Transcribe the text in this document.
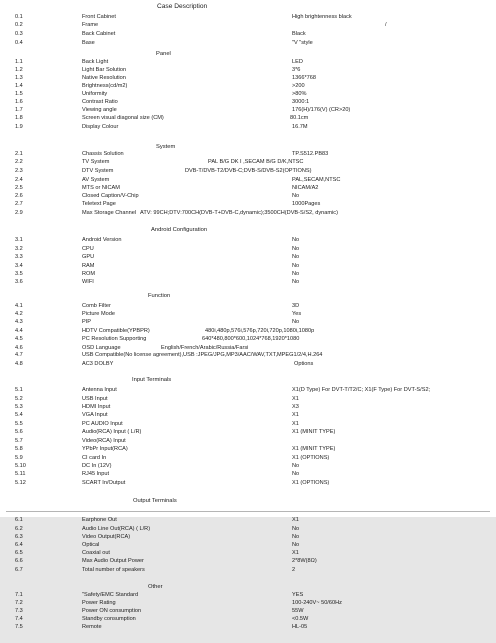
Case Description
0.1	Front Cabinet	High brightenness black
0.2	Frame	/
0.3	Back Cabinet	Black
0.4	Base	"V "style
Panel
1.1	Back Light	LED
1.2	Light Bar Solution	3*6
1.3	Native Resolution	1366*768
1.4	Brightness(cd/m2)	>200
1.5	Uniformity	>80%
1.6	Contrast Ratio	3000:1
1.7	Viewing angle	176(H)/176(V) (CR>20)
1.8	Screen visual diagonal size (CM)	80.1cm
1.9	Display Colour	16.7M
System
2.1	Chassis Solution	TP.S512.PB83
2.2	TV System	PAL B/G DK I ,SECAM B/G D/K,NTSC
2.3	DTV System	DVB-T/DVB-T2/DVB-C;DVB-S/DVB-S2(OPTIONS)
2.4	AV System	PAL,SECAM,NTSC
2.5	MTS or NICAM	NICAM/A2
2.6	Closed Caption/V-Chip	No
2.7	Teletext Page	1000Pages
2.9	Max Storage Channel ATV: 99CH;DTV:700CH(DVB-T+DVB-C,dynamic);3500CH(DVB-S/S2, dynamic)
Android Configuration
3.1	Android Version	No
3.2	CPU	No
3.3	GPU	No
3.4	RAM	No
3.5	ROM	No
3.6	WIFI	No
Function
4.1	Comb Filter	3D
4.2	Picture Mode	Yes
4.3	PIP	No
4.4	HDTV Compatible(YPBPR)	480i,480p,576i,576p,720i,720p,1080i,1080p
4.5	PC Resolution Supporting	640*480,800*600,1024*768,1920*1080
4.6	OSD Language	English/French/Arabic/Russia/Farsi
4.7	USB Compatible(No license agreement),USB :JPEG/JPG,MP3/AAC/WAV,TXT,MPEG1/2/4,H.264
4.8	AC3 DOLBY	Options
Input Terminals
5.1	Antenna Input	X1(D Type) For DVT-T/T2/C; X1(F Type) For DVT-S/S2;
5.2	USB Input	X1
5.3	HDMI Input	X3
5.4	VGA Input	X1
5.5	PC AUDIO Input	X1
5.6	Audio(RCA) Input ( L/R)	X1 (MINIT TYPE)
5.7	Video(RCA) Input
5.8	YPbPr Input(RCA)	X1 (MINIT TYPE)
5.9	CI card In	X1 (OPTIONS)
5.10	DC In (12V)	No
5.11	RJ45 Input	No
5.12	SCART In/Output	X1 (OPTIONS)
Output Terminals
6.1	Earphone Out	X1
6.2	Audio Line Out(RCA) ( L/R)	No
6.3	Video Output(RCA)	No
6.4	Optical	No
6.5	Coaxial out	X1
6.6	Max Audio Output Power	2*8W(8Ω)
6.7	Total number of speakers	2
Other
7.1	"Safety/EMC Standard	YES
7.2	Power Rating	100-240V~ 50/60Hz
7.3	Power ON consumption	55W
7.4	Standby consumption	<0.5W
7.5	Remote	HL-05
